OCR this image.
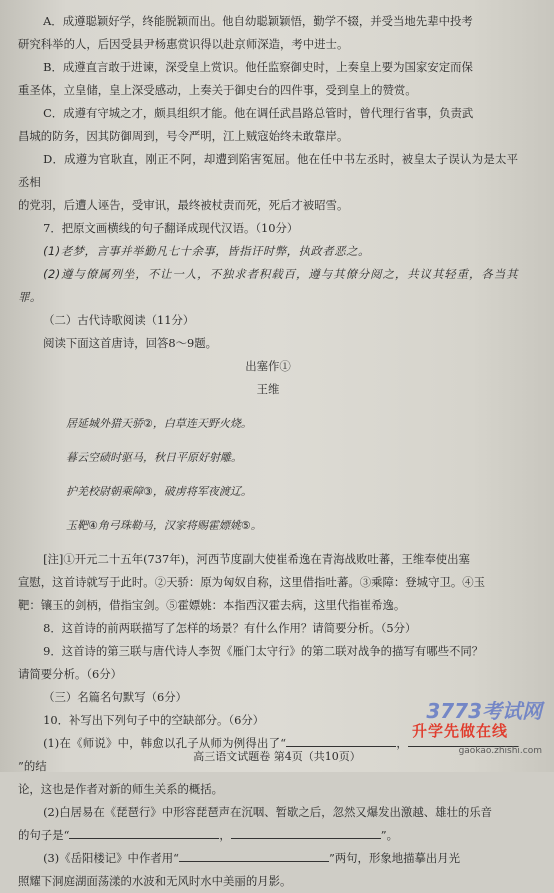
A．成遵聪颖好学，终能脱颖而出。他自幼聪颖颖悟，勤学不辍，并受当地先辈中投考

研究科举的人，后因受县尹杨惠赏识得以赴京师深造，考中进士。

B．成遵直言敢于进谏，深受皇上赏识。他任监察御史时，上奏皇上要为国家安定而保

重圣体，立皇储，皇上深受感动，上奏关于御史台的四件事，受到皇上的赞赏。

C．成遵有守城之才，颇具组织才能。他在调任武昌路总管时，曾代理行省事，负责武

昌城的防务，因其防御周到，号令严明，江上贼寇始终未敢靠岸。

D．成遵为官耿直，刚正不阿，却遭到陷害冤屈。他在任中书左丞时，被皇太子误认为是太平丞相

的党羽，后遭人诬告，受审讯，最终被杖责而死，死后才被昭雪。

7．把原文画横线的句子翻译成现代汉语。（10分）

(1)老梦，言事并举勤凡七十余事，皆指讦时弊，执政者恶之。

(2)遵与僚属列坐，不让一人，不独求者积载百，遵与其僚分阅之，共议其轻重，各当其罪。

（二）古代诗歌阅读（11分）

阅读下面这首唐诗，回答8～9题。

出塞作①

王维

居延城外猎天骄②，白草连天野火烧。

暮云空碛时驱马，秋日平原好射雕。

护羌校尉朝乘障③，破虏将军夜渡辽。

玉靶④角弓珠勒马，汉家将赐霍嫖姚⑤。

[注]①开元二十五年(737年)，河西节度副大使崔希逸在青海战败吐蕃，王维奉使出塞

宣慰，这首诗就写于此时。②天骄：原为匈奴自称，这里借指吐蕃。③乘障：登城守卫。④玉

靶：镶玉的剑柄，借指宝剑。⑤霍嫖姚：本指西汉霍去病，这里代指崔希逸。

8．这首诗的前两联描写了怎样的场景？有什么作用？请简要分析。（5分）

9．这首诗的第三联与唐代诗人李贺《雁门太守行》的第二联对战争的描写有哪些不同？

请简要分析。（6分）

（三）名篇名句默写（6分）

10．补写出下列句子中的空缺部分。（6分）

(1)在《师说》中，韩愈以孔子从师为例得出了“	，”的结

论，这也是作者对新的师生关系的概括。

(2)白居易在《琵琶行》中形容琵琶声在沉咽、暂歇之后，忽然又爆发出激越、雄壮的乐音

的句子是“	，	”。

(3)《岳阳楼记》中作者用“	”两句，形象地描摹出月光

照耀下洞庭湖面荡漾的水波和无风时水中美丽的月影。

高三语文试题卷 第4页（共10页）
3773考试网
升学先做在线
gaokao.zhishi.com
